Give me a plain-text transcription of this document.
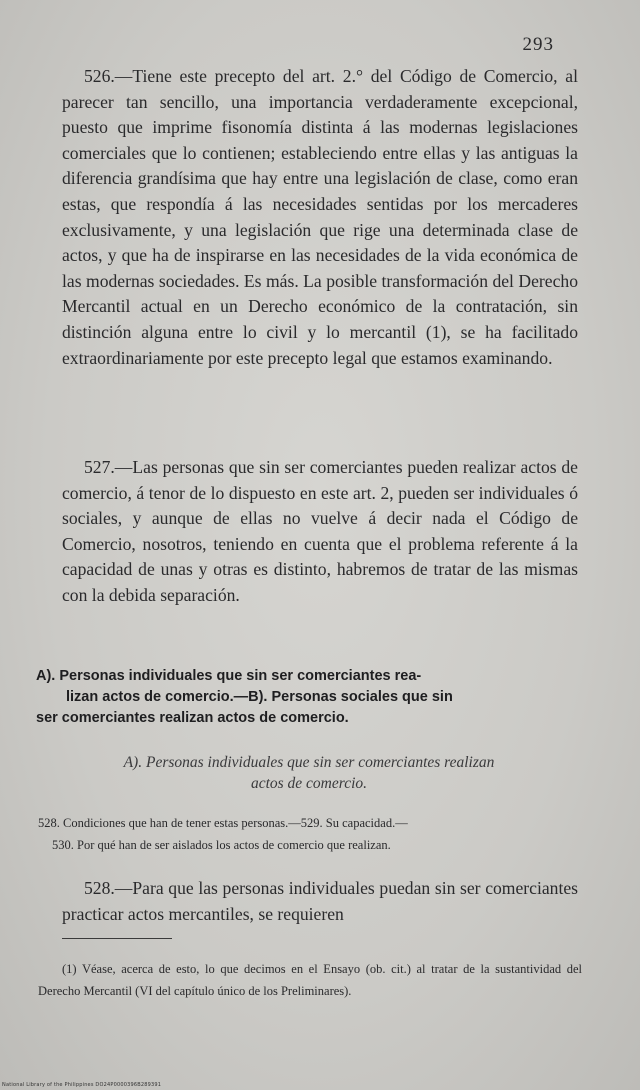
293

526.—Tiene este precepto del art. 2.° del Código de Comercio, al parecer tan sencillo, una importancia verdaderamente excepcional, puesto que imprime fisonomía distinta á las modernas legislaciones comerciales que lo contienen; estableciendo entre ellas y las antiguas la diferencia grandísima que hay entre una legislación de clase, como eran estas, que respondía á las necesidades sentidas por los mercaderes exclusivamente, y una legislación que rige una determinada clase de actos, y que ha de inspirarse en las necesidades de la vida económica de las modernas sociedades. Es más. La posible transformación del Derecho Mercantil actual en un Derecho económico de la contratación, sin distinción alguna entre lo civil y lo mercantil (1), se ha facilitado extraordinariamente por este precepto legal que estamos examinando.

527.—Las personas que sin ser comerciantes pueden realizar actos de comercio, á tenor de lo dispuesto en este art. 2, pueden ser individuales ó sociales, y aunque de ellas no vuelve á decir nada el Código de Comercio, nosotros, teniendo en cuenta que el problema referente á la capacidad de unas y otras es distinto, habremos de tratar de las mismas con la debida separación.

A). Personas individuales que sin ser comerciantes rea-
lizan actos de comercio.—B). Personas sociales que sin
ser comerciantes realizan actos de comercio.
A). Personas individuales que sin ser comerciantes realizan
actos de comercio.
528. Condiciones que han de tener estas personas.—529. Su capacidad.—
530. Por qué han de ser aislados los actos de comercio que realizan.

528.—Para que las personas individuales puedan sin ser comerciantes practicar actos mercantiles, se requieren

(1) Véase, acerca de esto, lo que decimos en el Ensayo (ob. cit.) al tratar de la sustantividad del Derecho Mercantil (VI del capítulo único de los Preliminares).

National Library of the Philippines DO24P0000396B289391
